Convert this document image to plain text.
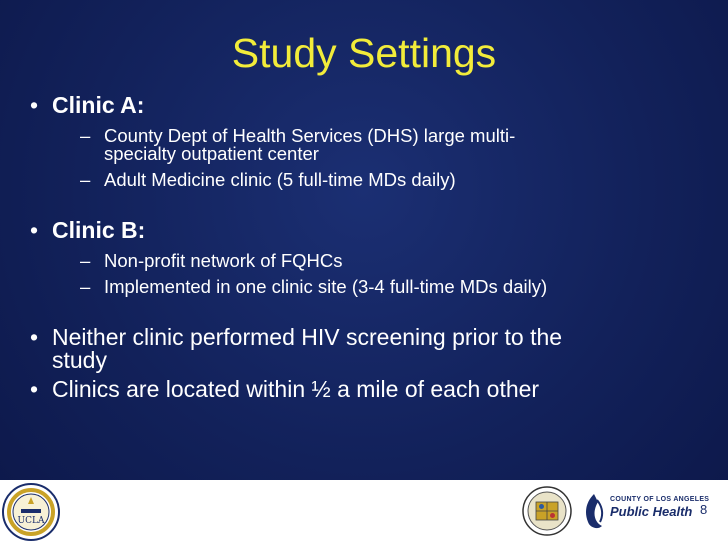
Study Settings
• Clinic A:
– County Dept of Health Services (DHS) large multi-
specialty outpatient center
– Adult Medicine clinic (5 full-time MDs daily)
• Clinic B:
– Non-profit network of FQHCs
– Implemented in one clinic site (3-4 full-time MDs daily)
• Neither clinic performed HIV screening prior to the
study
• Clinics are located within ½ a mile of each other
UCLA
COUNTY OF LOS ANGELES
Public Health 8
